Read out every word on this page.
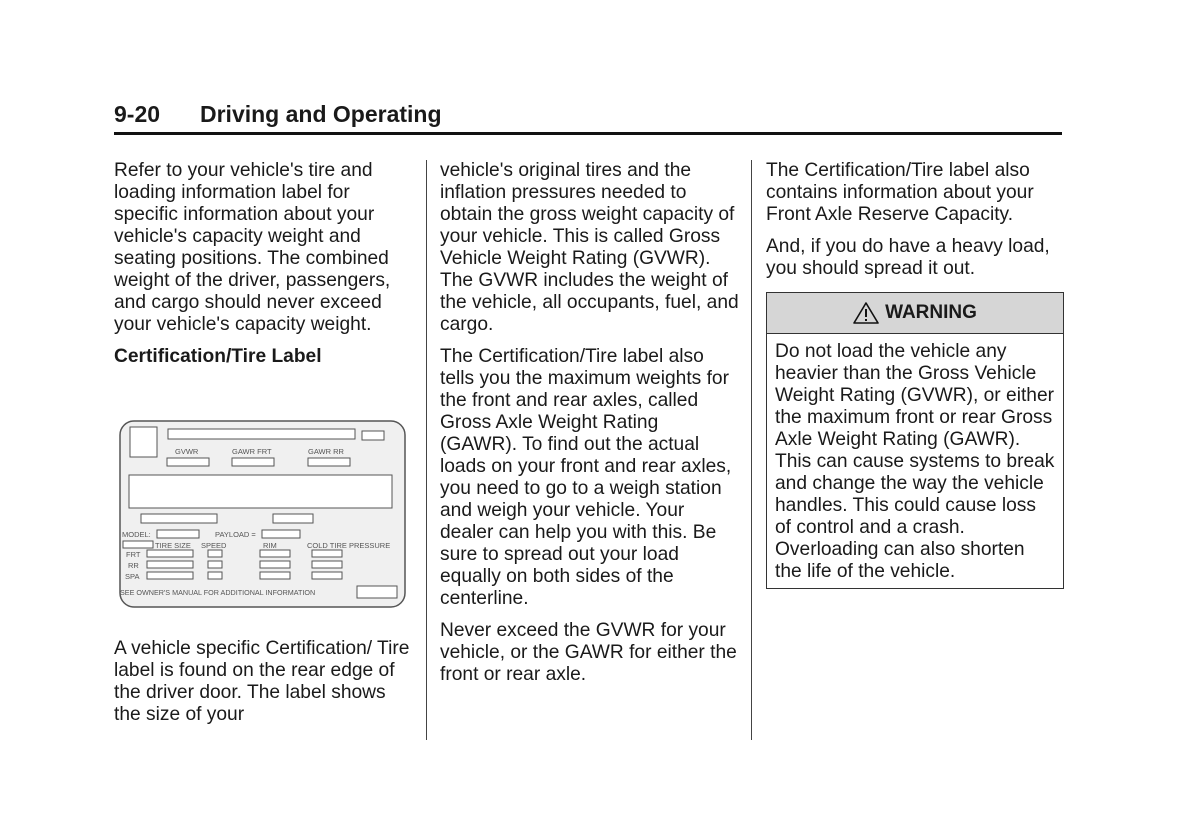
9-20 Driving and Operating

Refer to your vehicle's tire and loading information label for specific information about your vehicle's capacity weight and seating positions. The combined weight of the driver, passengers, and cargo should never exceed your vehicle's capacity weight.

Certification/Tire Label

A vehicle specific Certification/ Tire label is found on the rear edge of the driver door. The label shows the size of your

GVWR	GAWR FRT	GAWR RR
MODEL:	PAYLOAD =
TIRE SIZE SPEED	RIM	COLD TIRE PRESSURE
FRT
RR
SPA
SEE OWNER'S MANUAL FOR ADDITIONAL INFORMATION

vehicle's original tires and the inflation pressures needed to obtain the gross weight capacity of your vehicle. This is called Gross Vehicle Weight Rating (GVWR). The GVWR includes the weight of the vehicle, all occupants, fuel, and cargo.

The Certification/Tire label also tells you the maximum weights for the front and rear axles, called Gross Axle Weight Rating (GAWR). To find out the actual loads on your front and rear axles, you need to go to a weigh station and weigh your vehicle. Your dealer can help you with this. Be sure to spread out your load equally on both sides of the centerline.

Never exceed the GVWR for your vehicle, or the GAWR for either the front or rear axle.

The Certification/Tire label also contains information about your Front Axle Reserve Capacity.

And, if you do have a heavy load, you should spread it out.

WARNING
Do not load the vehicle any heavier than the Gross Vehicle Weight Rating (GVWR), or either the maximum front or rear Gross Axle Weight Rating (GAWR). This can cause systems to break and change the way the vehicle handles. This could cause loss of control and a crash. Overloading can also shorten the life of the vehicle.
